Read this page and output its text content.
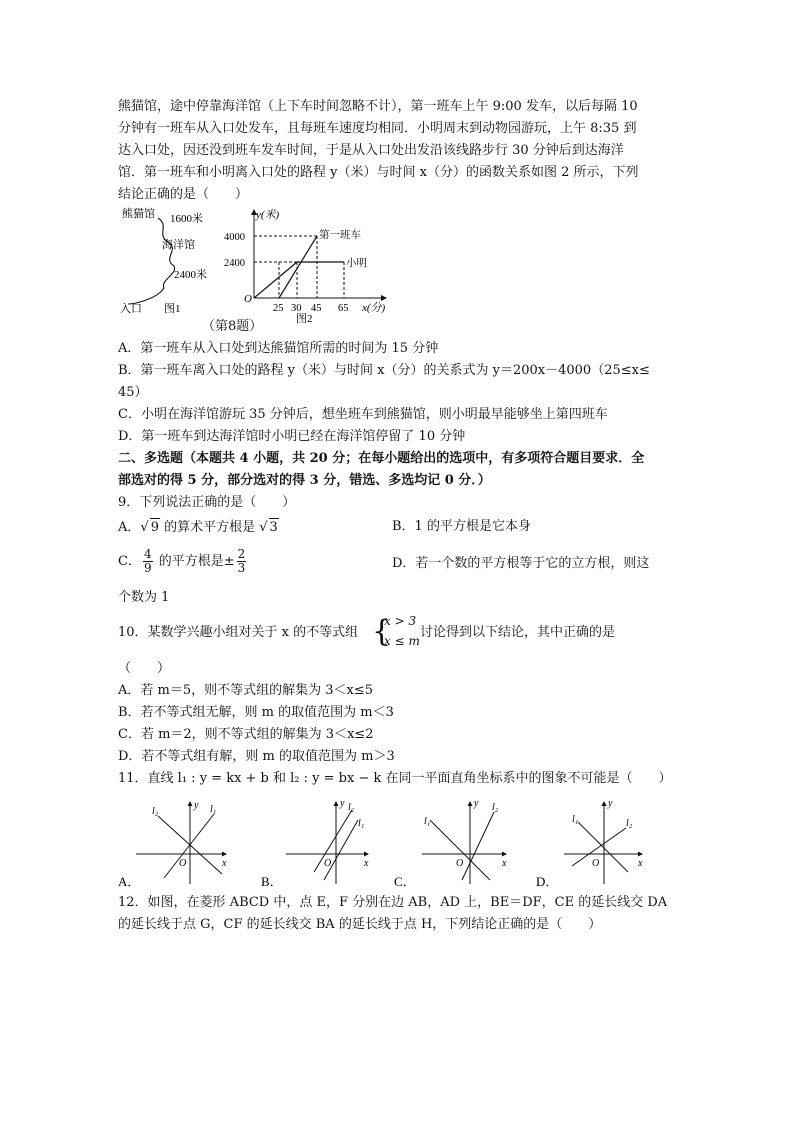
熊猫馆，途中停靠海洋馆（上下车时间忽略不计），第一班车上午 9:00 发车，以后每隔 10
分钟有一班车从入口处发车，且每班车速度均相同．小明周末到动物园游玩，上午 8:35 到
达入口处，因还没到班车发车时间，于是从入口处出发沿该线路步行 30 分钟后到达海洋
馆．第一班车和小明离入口处的路程 y（米）与时间 x（分）的函数关系如图 2 所示，下列
结论正确的是（　　）
熊猫馆 1600米
海洋馆
2400米
入口 图1
y(米)
x(分)
4000
2400
O
第一班车
小明
25 30 45 65
图2
（第8题）
A．第一班车从入口处到达熊猫馆所需的时间为 15 分钟
B．第一班车离入口处的路程 y（米）与时间 x（分）的关系式为 y＝200x－4000（25≤x≤
45）
C．小明在海洋馆游玩 35 分钟后，想坐班车到熊猫馆，则小明最早能够坐上第四班车
D．第一班车到达海洋馆时小明已经在海洋馆停留了 10 分钟
二、多选题（本题共 4 小题，共 20 分；在每小题给出的选项中，有多项符合题目要求．全
部选对的得 5 分，部分选对的得 3 分，错选、多选均记 0 分．）
9．下列说法正确的是（　　）
A．√ 9 的算术平方根是 √ 3	B．1 的平方根是它本身
C． $\frac{4}{9}$ 的平方根是± $\frac{2}{3}$	D．若一个数的平方根等于它的立方根，则这
个数为 1
10．某数学兴趣小组对关于 x 的不等式组 {
x > 3
x ≤ m
讨论得到以下结论，其中正确的是
（　　）
A．若 m＝5，则不等式组的解集为 3＜x≤5
B．若不等式组无解，则 m 的取值范围为 m＜3
C．若 m＝2，则不等式组的解集为 3＜x≤2
D．若不等式组有解，则 m 的取值范围为 m＞3
11．直线 l₁ : y = kx + b 和 l₂ : y = bx − k 在同一平面直角坐标系中的图象不可能是（　　）
l₂	l₁
y
x
O
A．
l₂
l₁
y
x
O
B．
l₁
l₂
y
x
O
C．
l₁	l₂
y
x
O
D．
12．如图，在菱形 ABCD 中，点 E，F 分别在边 AB，AD 上，BE＝DF，CE 的延长线交 DA
的延长线于点 G，CF 的延长线交 BA 的延长线于点 H，下列结论正确的是（　　）
